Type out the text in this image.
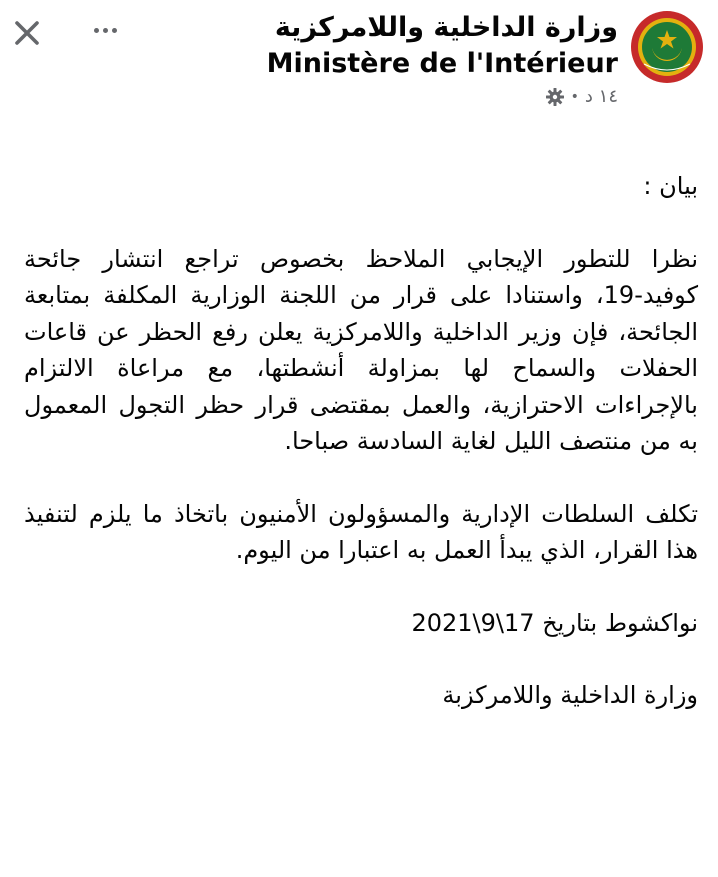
وزارة الداخلية واللامركزية Ministère de l'Intérieur
١٤ د
•

بيان :

نظرا للتطور الإيجابي الملاحظ بخصوص تراجع انتشار جائحة كوفيد-19، واستنادا على قرار من اللجنة الوزارية المكلفة بمتابعة الجائحة، فإن وزير الداخلية واللامركزية يعلن رفع الحظر عن قاعات الحفلات والسماح لها بمزاولة أنشطتها، مع مراعاة الالتزام بالإجراءات الاحترازية، والعمل بمقتضى قرار حظر التجول المعمول به من منتصف الليل لغاية السادسة صباحا.

تكلف السلطات الإدارية والمسؤولون الأمنيون باتخاذ ما يلزم لتنفيذ هذا القرار، الذي يبدأ العمل به اعتبارا من اليوم.

نواكشوط بتاريخ 17\9\2021

وزارة الداخلية واللامركزبة
